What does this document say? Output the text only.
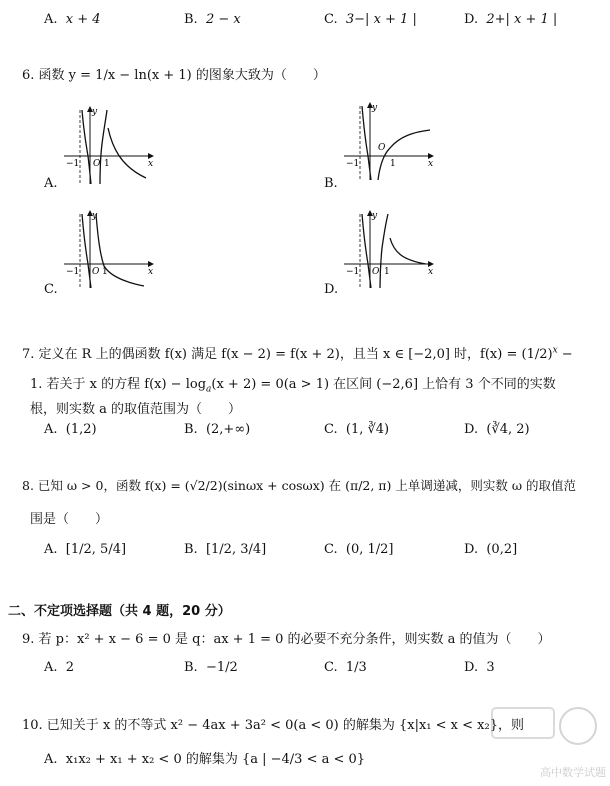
A. x + 4	B. 2 − x	C. 3−| x + 1 |	D. 2+| x + 1 |
6. 函数 y = 1/x − ln(x + 1) 的图象大致为（　　）
y
−1 O 1	x
A.
y
−1
O
1	x
B.
y
−1 O 1	x
C.
y
−1 O 1	x
D.
7. 定义在 R 上的偶函数 f(x) 满足 f(x − 2) = f(x + 2)，且当 x ∈ [−2,0] 时，$f(x) = (1/2)^x$ −
1. 若关于 x 的方程 $f(x) - \log_a(x + 2) = 0(a > 1)$ 在区间 (−2,6] 上恰有 3 个不同的实数
根，则实数 a 的取值范围为（　　）
A. (1,2)	B. (2,+∞)	C. (1, ∛4)	D. (∛4, 2)
8. 已知 ω > 0，函数 f(x) = (√2/2)(sinωx + cosωx) 在 (π/2, π) 上单调递减，则实数 ω 的取值范
围是（　　）
A. [1/2, 5/4]	B. [1/2, 3/4]	C. (0, 1/2]	D. (0,2]
二、不定项选择题（共 4 题，20 分）
9. 若 p：x² + x − 6 = 0 是 q：ax + 1 = 0 的必要不充分条件，则实数 a 的值为（　　）
A. 2	B. −1/2	C. 1/3	D. 3
10. 已知关于 x 的不等式 x² − 4ax + 3a² < 0(a < 0) 的解集为 {x|x₁ < x < x₂}，则
A. x₁x₂ + x₁ + x₂ < 0 的解集为 {a | −4/3 < a < 0}
高中数学试题
